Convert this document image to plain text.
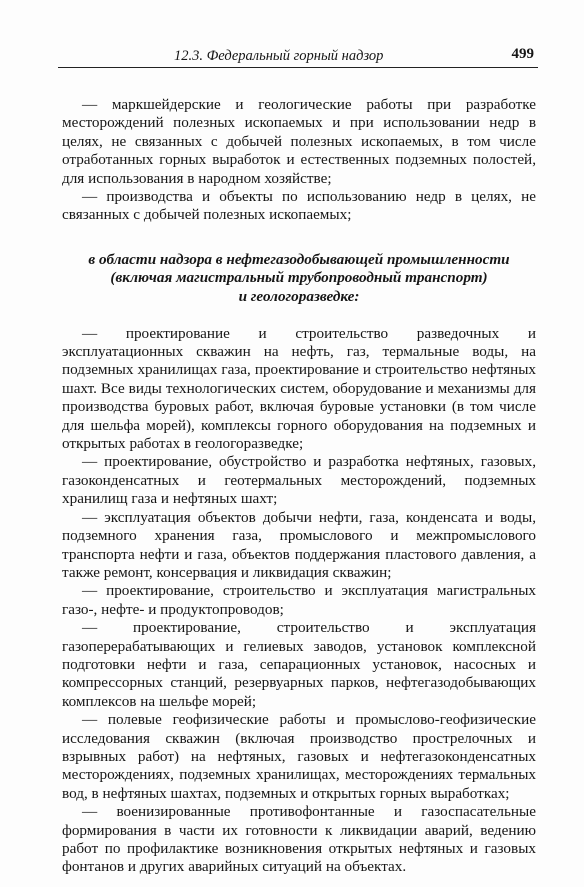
12.3. Федеральный горный надзор	499

— маркшейдерские и геологические работы при разработке месторождений полезных ископаемых и при использовании недр в целях, не связанных с добычей полезных ископаемых, в том числе отработанных горных выработок и естественных подземных полостей, для использования в народном хозяйстве;

— производства и объекты по использованию недр в целях, не связанных с добычей полезных ископаемых;

в области надзора в нефтегазодобывающей промышленности
(включая магистральный трубопроводный транспорт)
и геологоразведке:

— проектирование и строительство разведочных и эксплуатационных скважин на нефть, газ, термальные воды, на подземных хранилищах газа, проектирование и строительство нефтяных шахт. Все виды технологических систем, оборудование и механизмы для производства буровых работ, включая буровые установки (в том числе для шельфа морей), комплексы горного оборудования на подземных и открытых работах в геологоразведке;

— проектирование, обустройство и разработка нефтяных, газовых, газоконденсатных и геотермальных месторождений, подземных хранилищ газа и нефтяных шахт;

— эксплуатация объектов добычи нефти, газа, конденсата и воды, подземного хранения газа, промыслового и межпромыслового транспорта нефти и газа, объектов поддержания пластового давления, а также ремонт, консервация и ликвидация скважин;

— проектирование, строительство и эксплуатация магистральных газо-, нефте- и продуктопроводов;

— проектирование, строительство и эксплуатация газоперерабатывающих и гелиевых заводов, установок комплексной подготовки нефти и газа, сепарационных установок, насосных и компрессорных станций, резервуарных парков, нефтегазодобывающих комплексов на шельфе морей;

— полевые геофизические работы и промыслово-геофизические исследования скважин (включая производство прострелочных и взрывных работ) на нефтяных, газовых и нефтегазоконденсатных месторождениях, подземных хранилищах, месторождениях термальных вод, в нефтяных шахтах, подземных и открытых горных выработках;

— военизированные противофонтанные и газоспасательные формирования в части их готовности к ликвидации аварий, ведению работ по профилактике возникновения открытых нефтяных и газовых фонтанов и других аварийных ситуаций на объектах.
